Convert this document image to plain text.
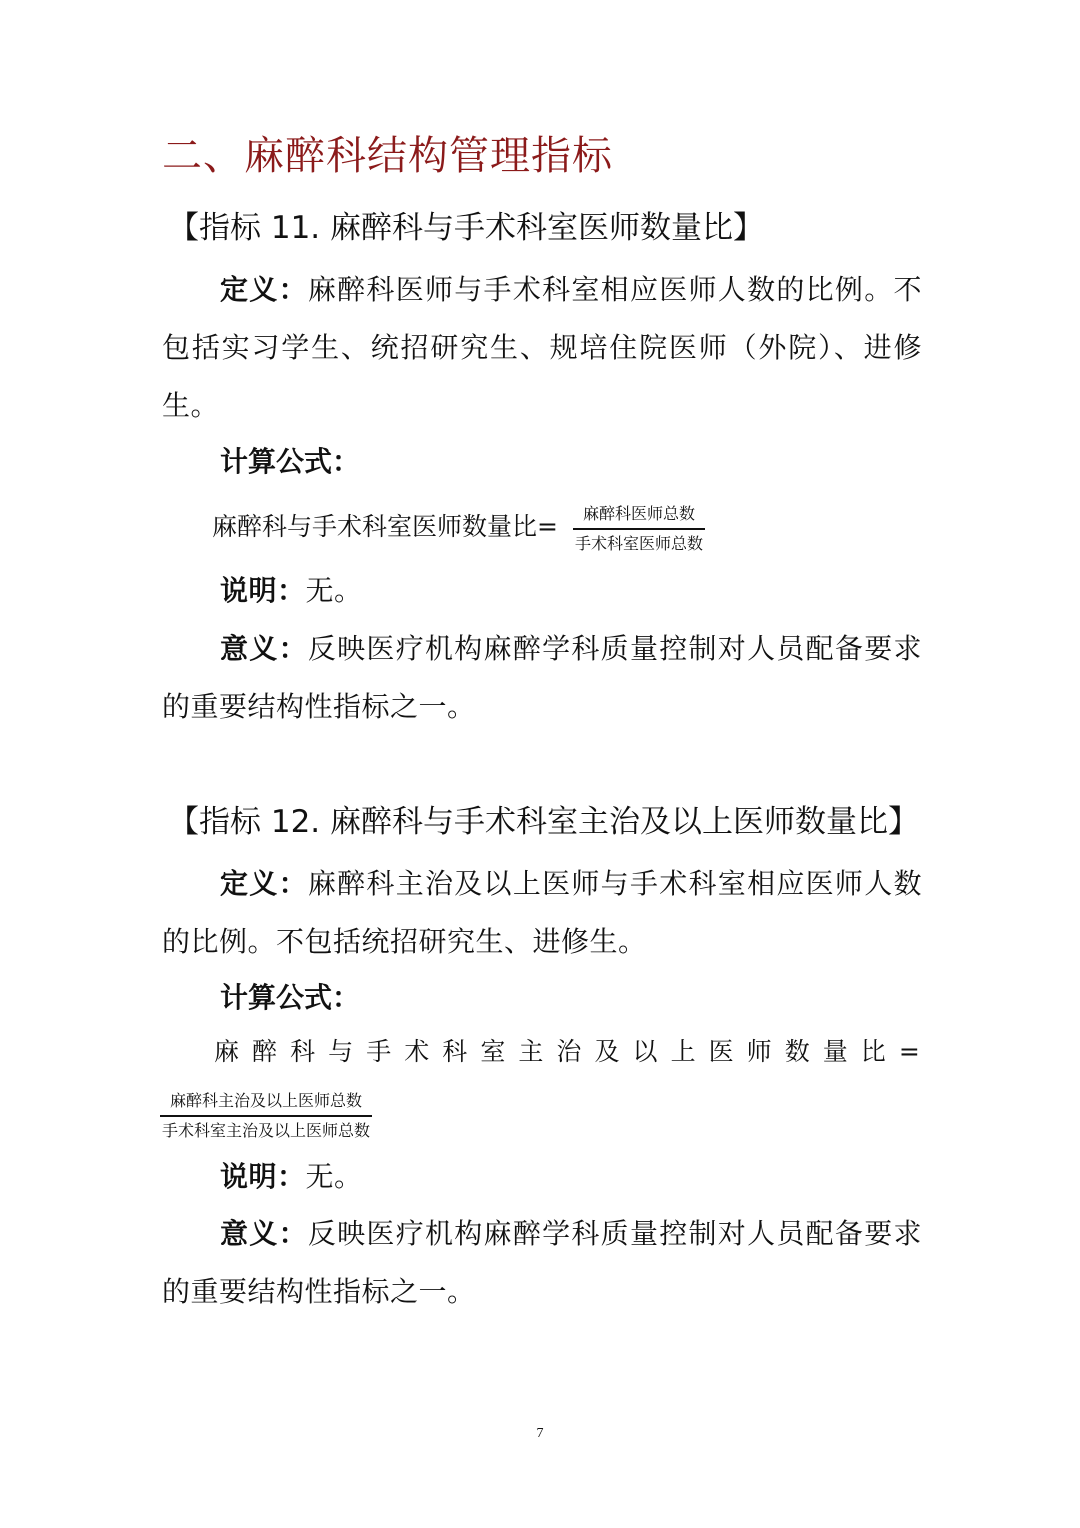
二、麻醉科结构管理指标
【指标 11. 麻醉科与手术科室医师数量比】
定义：麻醉科医师与手术科室相应医师人数的比例。不包括实习学生、统招研究生、规培住院医师（外院）、进修生。
计算公式：
麻醉科与手术科室医师数量比= 麻醉科医师总数
手术科室医师总数
说明：无。
意义：反映医疗机构麻醉学科质量控制对人员配备要求的重要结构性指标之一。
【指标 12. 麻醉科与手术科室主治及以上医师数量比】
定义：麻醉科主治及以上医师与手术科室相应医师人数的比例。不包括统招研究生、进修生。
计算公式：
麻 醉 科 与 手 术 科 室 主 治 及 以 上 医 师 数 量 比 =
麻醉科主治及以上医师总数
手术科室主治及以上医师总数
说明：无。
意义：反映医疗机构麻醉学科质量控制对人员配备要求的重要结构性指标之一。
7
